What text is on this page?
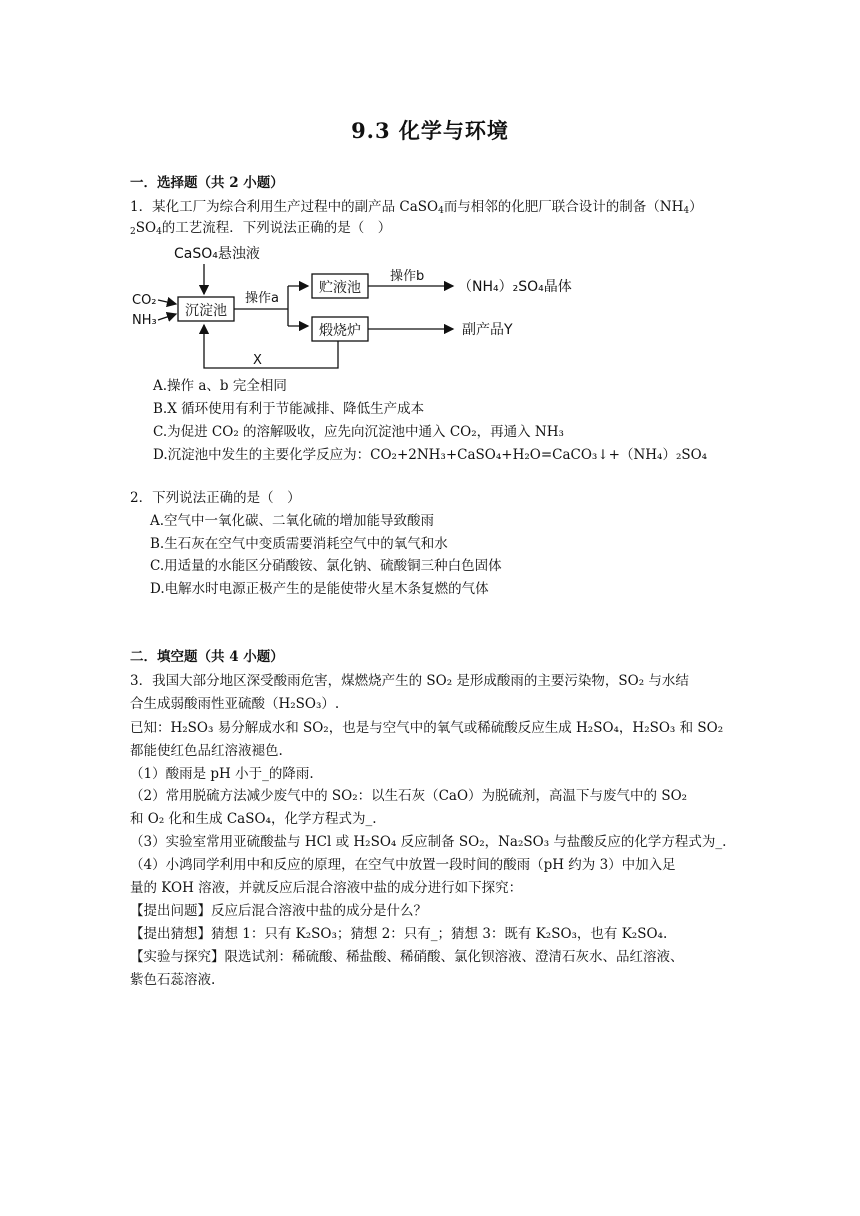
9.3 化学与环境
一．选择题（共 2 小题）
1．某化工厂为综合利用生产过程中的副产品 CaSO$_4$而与相邻的化肥厂联合设计的制备$(NH_4)$
$_2SO_4$的工艺流程．下列说法正确的是（　）
CaSO₄悬浊液
CO₂
NH₃
沉淀池
操作a
贮液池
操作b
（NH₄）₂SO₄晶体
煅烧炉	副产品Y
X
A.操作 a、b 完全相同
B.X 循环使用有利于节能减排、降低生产成本
C.为促进 CO₂ 的溶解吸收，应先向沉淀池中通入 CO₂，再通入 NH₃
D.沉淀池中发生的主要化学反应为：CO₂+2NH₃+CaSO₄+H₂O=CaCO₃↓+（NH₄）₂SO₄
2．下列说法正确的是（　）
A.空气中一氧化碳、二氧化硫的增加能导致酸雨
B.生石灰在空气中变质需要消耗空气中的氧气和水
C.用适量的水能区分硝酸铵、氯化钠、硫酸铜三种白色固体
D.电解水时电源正极产生的是能使带火星木条复燃的气体
二．填空题（共 4 小题）
3．我国大部分地区深受酸雨危害，煤燃烧产生的 SO₂ 是形成酸雨的主要污染物，SO₂ 与水结
合生成弱酸雨性亚硫酸（H₂SO₃）.
已知：H₂SO₃ 易分解成水和 SO₂，也是与空气中的氧气或稀硫酸反应生成 H₂SO₄，H₂SO₃ 和 SO₂
都能使红色品红溶液褪色.
（1）酸雨是 pH 小于_的降雨.
（2）常用脱硫方法减少废气中的 SO₂：以生石灰（CaO）为脱硫剂，高温下与废气中的 SO₂
和 O₂ 化和生成 CaSO₄，化学方程式为_.
（3）实验室常用亚硫酸盐与 HCl 或 H₂SO₄ 反应制备 SO₂，Na₂SO₃ 与盐酸反应的化学方程式为_.
（4）小鸿同学利用中和反应的原理，在空气中放置一段时间的酸雨（pH 约为 3）中加入足
量的 KOH 溶液，并就反应后混合溶液中盐的成分进行如下探究：
【提出问题】反应后混合溶液中盐的成分是什么？
【提出猜想】猜想 1：只有 K₂SO₃；猜想 2：只有_；猜想 3：既有 K₂SO₃，也有 K₂SO₄.
【实验与探究】限选试剂：稀硫酸、稀盐酸、稀硝酸、氯化钡溶液、澄清石灰水、品红溶液、
紫色石蕊溶液.
